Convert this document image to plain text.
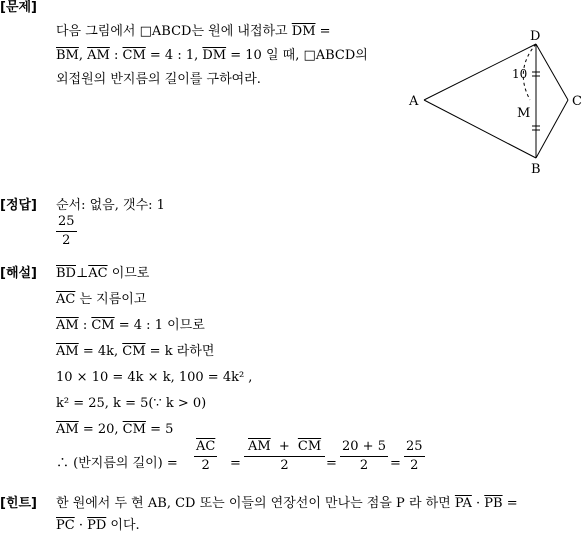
[문제]
[정답]
[해설]
[힌트]
다음 그림에서 □ABCD는 원에 내접하고 $\overline{DM}$ =
$\overline{BM}$, $\overline{AM}$ : $\overline{CM} = 4$ : 1, $\overline{DM} = 10$ 일 때, □ABCD의
외접원의 반지름의 길이를 구하여라.
A
B
C
D
M
10
순서: 없음, 갯수: 1
25
2
$\overline{BD}\perp\overline{AC}$ 이므로
$\overline{AC}$ 는 지름이고
$\overline{AM}$ : $\overline{CM} = 4$ : 1 이므로
$\overline{AM} = 4k$, $\overline{CM} = k$ 라하면
10 × 10 = 4k × k, 100 = 4k² ,
k² = 25, k = 5(∵ k > 0)
$\overline{AM} = 20$, $\overline{CM} = 5$
∴ (반지름의 길이) =
$\overline{AC}$
2 =
$\overline{AM} + \overline{CM}$
2	=
20 + 5
2 =
25
2
한 원에서 두 현 AB, CD 또는 이들의 연장선이 만나는 점을 P 라 하면 $\overline{PA} \cdot \overline{PB}$ =
$\overline{PC} \cdot \overline{PD}$ 이다.
